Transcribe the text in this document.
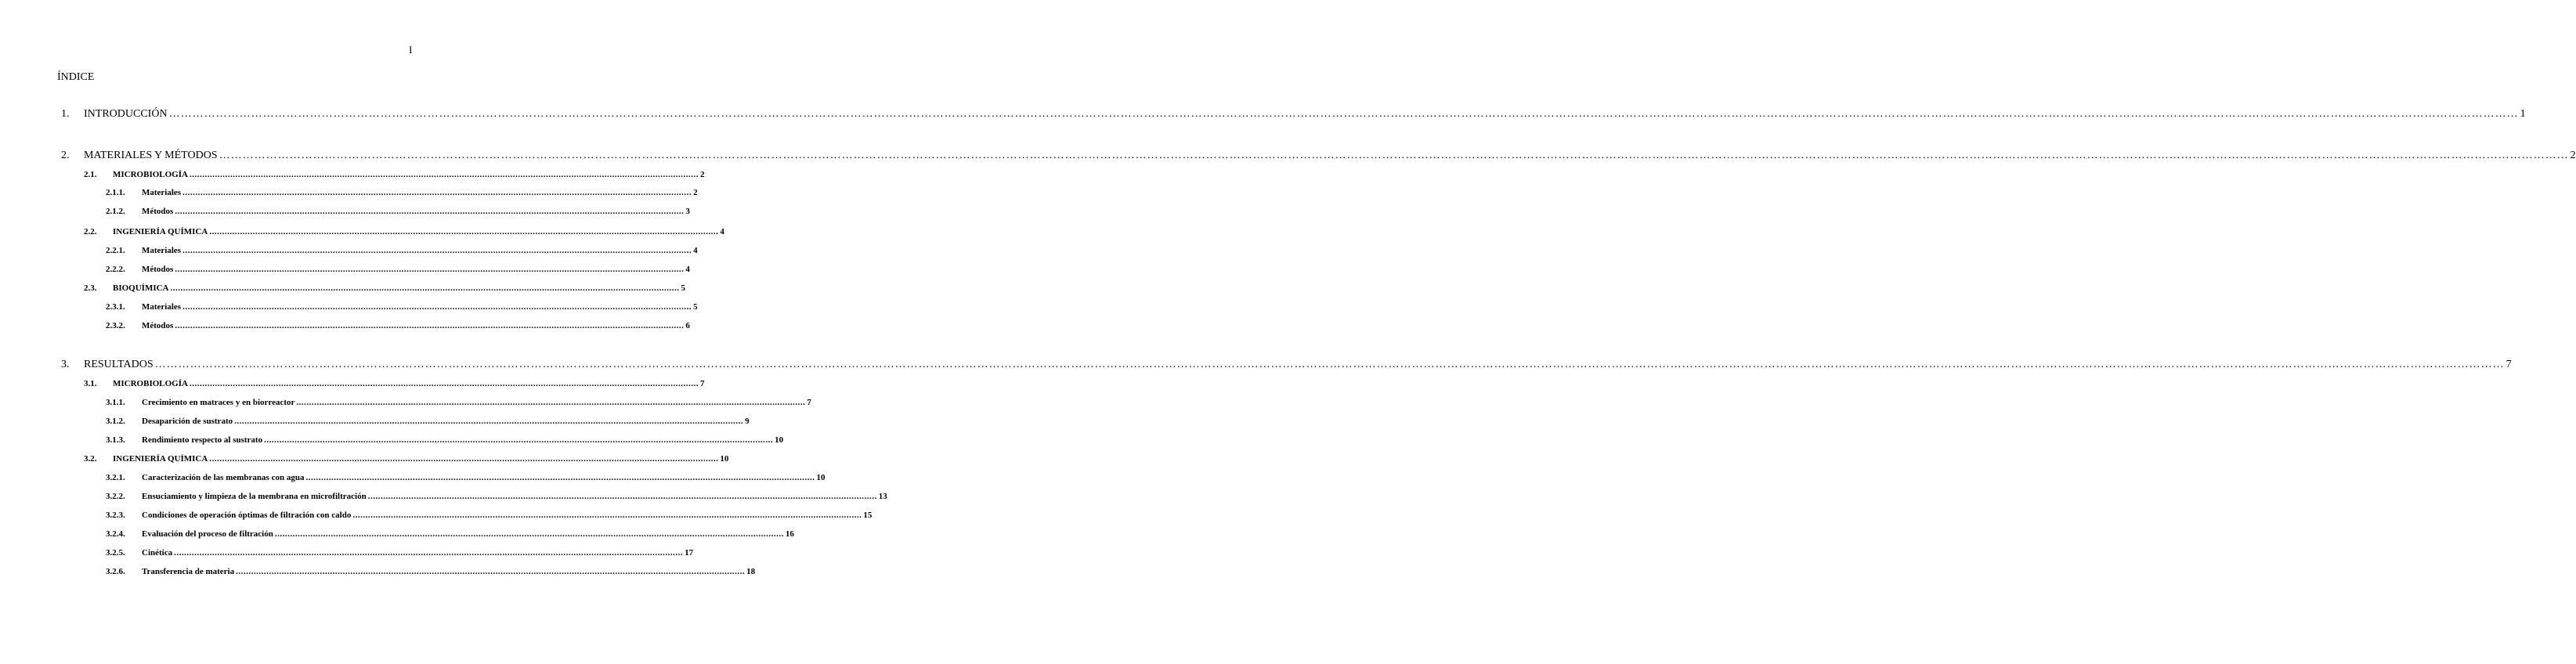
I
ÍNDICE
1.	INTRODUCCIÓN …………………………………………………………………………………………………………………………………………………………………………………………………………………………………………………………………………………………………………………………………………………………………………………………………………………………………………………………………………………………………………………………………………………… 1
2.	MATERIALES Y MÉTODOS …………………………………………………………………………………………………………………………………………………………………………………………………………………………………………………………………………………………………………………………………………………………………………………………………………………………………………………………………………………………………………………………………………………… 2
2.1.	MICROBIOLOGÍA ........................................................................................................................................................................................................ 2
2.1.1.	Materiales ........................................................................................................................................................................................................ 2
2.1.2.	Métodos ........................................................................................................................................................................................................ 3
2.2.	INGENIERÍA QUÍMICA ........................................................................................................................................................................................................ 4
2.2.1.	Materiales ........................................................................................................................................................................................................ 4
2.2.2.	Métodos ........................................................................................................................................................................................................ 4
2.3.	BIOQUÍMICA ........................................................................................................................................................................................................ 5
2.3.1.	Materiales ........................................................................................................................................................................................................ 5
2.3.2.	Métodos ........................................................................................................................................................................................................ 6
3.	RESULTADOS …………………………………………………………………………………………………………………………………………………………………………………………………………………………………………………………………………………………………………………………………………………………………………………………………………………………………………………………………………………………………………………………………………………… 7
3.1.	MICROBIOLOGÍA ........................................................................................................................................................................................................ 7
3.1.1.	Crecimiento en matraces y en biorreactor ........................................................................................................................................................................................................ 7
3.1.2.	Desaparición de sustrato ........................................................................................................................................................................................................ 9
3.1.3.	Rendimiento respecto al sustrato ........................................................................................................................................................................................................ 10
3.2.	INGENIERÍA QUÍMICA ........................................................................................................................................................................................................ 10
3.2.1.	Caracterización de las membranas con agua ........................................................................................................................................................................................................ 10
3.2.2.	Ensuciamiento y limpieza de la membrana en microfiltración ........................................................................................................................................................................................................ 13
3.2.3.	Condiciones de operación óptimas de filtración con caldo ........................................................................................................................................................................................................ 15
3.2.4.	Evaluación del proceso de filtración ........................................................................................................................................................................................................ 16
3.2.5.	Cinética ........................................................................................................................................................................................................ 17
3.2.6.	Transferencia de materia ........................................................................................................................................................................................................ 18
